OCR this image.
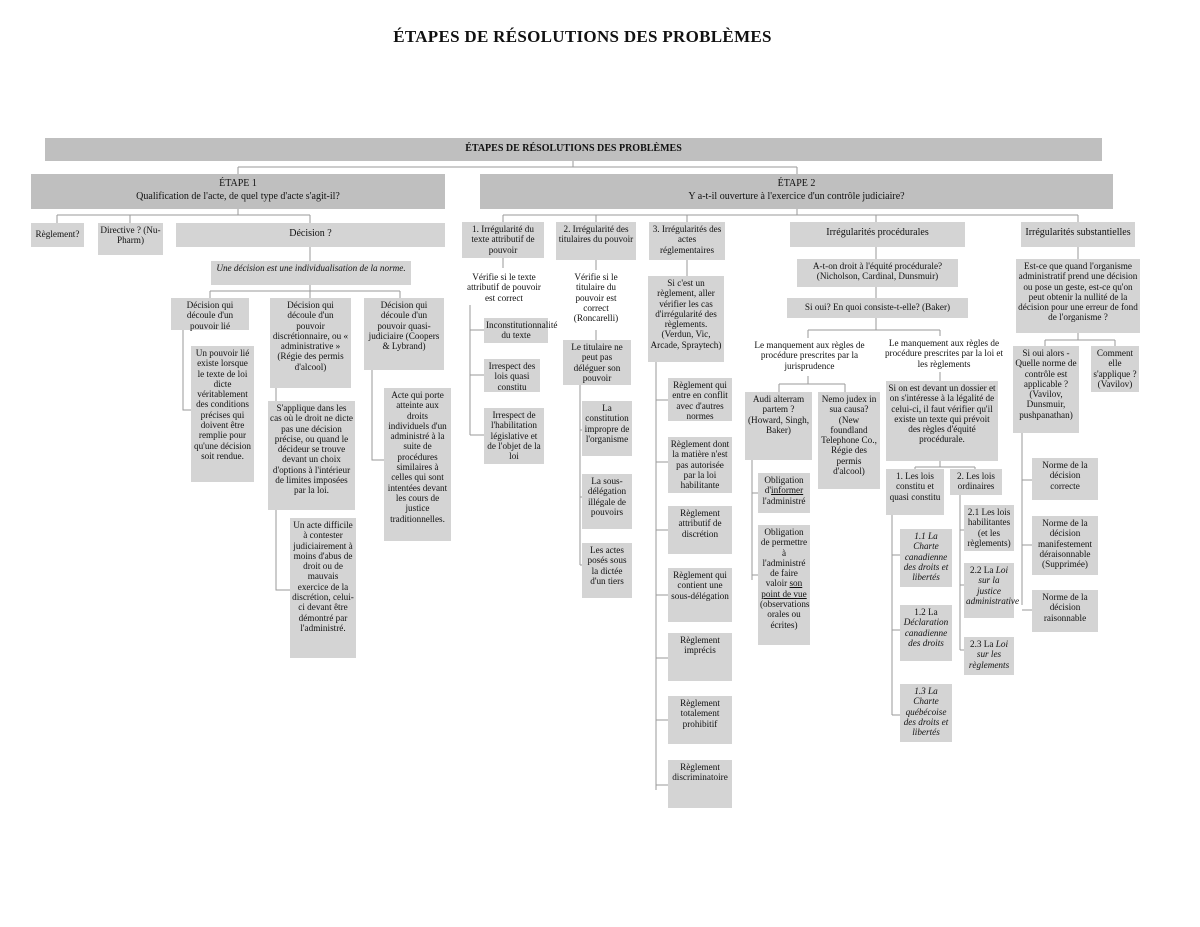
ÉTAPES DE RÉSOLUTIONS DES PROBLÈMES
ÉTAPES DE RÉSOLUTIONS DES PROBLÈMES
ÉTAPE 1
Qualification de l'acte, de quel type d'acte s'agit-il?
Règlement?	Directive ? (Nu-Pharm)
Décision ?
Une décision est une individualisation de la norme.
Décision qui découle d'un pouvoir lié
Un pouvoir lié existe lorsque le texte de loi dicte véritablement des conditions précises qui doivent être remplie pour qu'une décision soit rendue.
Décision qui découle d'un pouvoir discrétionnaire, ou « administrative » (Régie des permis d'alcool)
S'applique dans les cas où le droit ne dicte pas une décision précise, ou quand le décideur se trouve devant un choix d'options à l'intérieur de limites imposées par la loi.
Un acte difficile à contester judiciairement à moins d'abus de droit ou de mauvais exercice de la discrétion, celui-ci devant être démontré par l'administré.
Décision qui découle d'un pouvoir quasi-judiciaire (Coopers & Lybrand)
Acte qui porte atteinte aux droits individuels d'un administré à la suite de procédures similaires à celles qui sont intentées devant les cours de justice traditionnelles.
ÉTAPE 2
Y a-t-il ouverture à l'exercice d'un contrôle judiciaire?
1. Irrégularité du texte attributif de pouvoir
Vérifie si le texte attributif de pouvoir est correct
Inconstitutionnalité du texte
Irrespect des lois quasi constitu
Irrespect de l'habilitation législative et de l'objet de la loi
2. Irrégularité des titulaires du pouvoir
Vérifie si le titulaire du pouvoir est correct (Roncarelli)
Le titulaire ne peut pas déléguer son pouvoir
La constitution impropre de l'organisme
La sous-délégation illégale de pouvoirs
Les actes posés sous la dictée d'un tiers
3. Irrégularités des actes réglementaires
Si c'est un règlement, aller vérifier les cas d'irrégularité des règlements. (Verdun, Vic, Arcade, Spraytech)
Règlement qui entre en conflit avec d'autres normes
Règlement dont la matière n'est pas autorisée par la loi habilitante
Règlement attributif de discrétion
Règlement qui contient une sous-délégation
Règlement imprécis
Règlement totalement prohibitif
Règlement discriminatoire
Irrégularités procédurales
A-t-on droit à l'équité procédurale? (Nicholson, Cardinal, Dunsmuir)
Si oui? En quoi consiste-t-elle? (Baker)
Le manquement aux règles de procédure prescrites par la jurisprudence
Audi alterram partem ? (Howard, Singh, Baker)
Nemo judex in sua causa? (New foundland Telephone Co., Régie des permis d'alcool)
Obligation d'informer l'administré
Obligation de permettre à l'administré de faire valoir son point de vue (observations orales ou écrites)
Le manquement aux règles de procédure prescrites par la loi et les règlements
Si on est devant un dossier et on s'intéresse à la légalité de celui-ci, il faut vérifier qu'il existe un texte qui prévoit des règles d'équité procédurale.
1. Les lois constitu et quasi constitu
2. Les lois ordinaires
1.1 La Charte canadienne des droits et libertés
1.2 La Déclaration canadienne des droits
1.3 La Charte québécoise des droits et libertés
2.1 Les lois habilitantes (et les règlements)
2.2 La Loi sur la justice administrative
2.3 La Loi sur les règlements
Irrégularités substantielles
Est-ce que quand l'organisme administratif prend une décision ou pose un geste, est-ce qu'on peut obtenir la nullité de la décision pour une erreur de fond de l'organisme ?
Si oui alors - Quelle norme de contrôle est applicable ? (Vavilov, Dunsmuir, pushpanathan)
Comment elle s'applique ? (Vavilov)
Norme de la décision correcte
Norme de la décision manifestement déraisonnable (Supprimée)
Norme de la décision raisonnable
